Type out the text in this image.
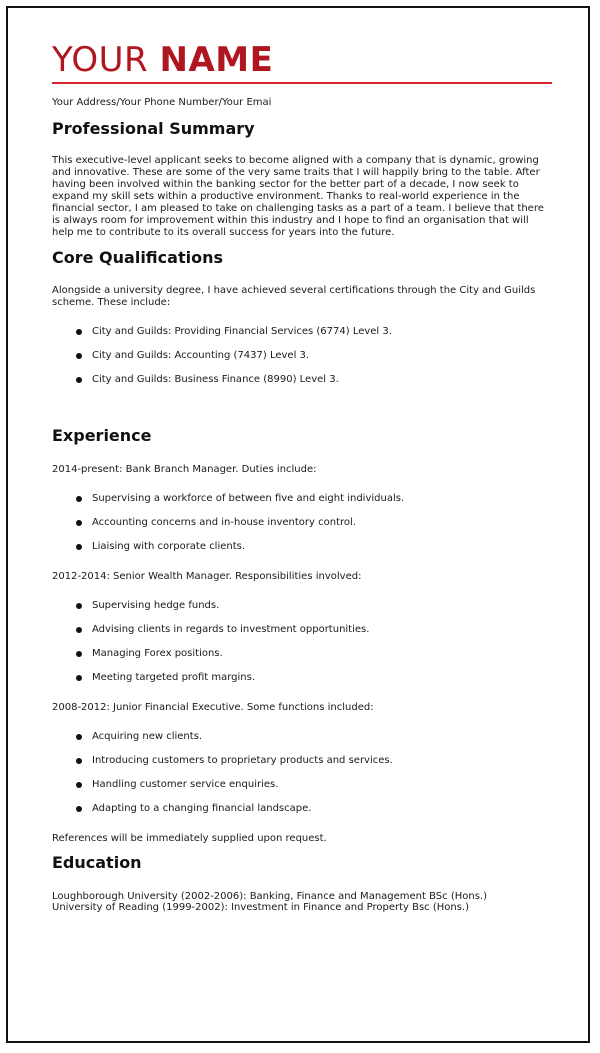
YOUR NAME
Your Address/Your Phone Number/Your Emai
Professional Summary

This executive-level applicant seeks to become aligned with a company that is dynamic, growing and innovative. These are some of the very same traits that I will happily bring to the table. After having been involved within the banking sector for the better part of a decade, I now seek to expand my skill sets within a productive environment. Thanks to real-world experience in the financial sector, I am pleased to take on challenging tasks as a part of a team. I believe that there is always room for improvement within this industry and I hope to find an organisation that will help me to contribute to its overall success for years into the future.

Core Qualifications

Alongside a university degree, I have achieved several certifications through the City and Guilds scheme. These include:

City and Guilds: Providing Financial Services (6774) Level 3.
City and Guilds: Accounting (7437) Level 3.
City and Guilds: Business Finance (8990) Level 3.
Experience

2014-present: Bank Branch Manager. Duties include:

Supervising a workforce of between five and eight individuals.
Accounting concerns and in-house inventory control.
Liaising with corporate clients.

2012-2014: Senior Wealth Manager. Responsibilities involved:

Supervising hedge funds.
Advising clients in regards to investment opportunities.
Managing Forex positions.
Meeting targeted profit margins.

2008-2012: Junior Financial Executive. Some functions included:

Acquiring new clients.
Introducing customers to proprietary products and services.
Handling customer service enquiries.
Adapting to a changing financial landscape.

References will be immediately supplied upon request.

Education
Loughborough University (2002-2006): Banking, Finance and Management BSc (Hons.)
University of Reading (1999-2002): Investment in Finance and Property Bsc (Hons.)
